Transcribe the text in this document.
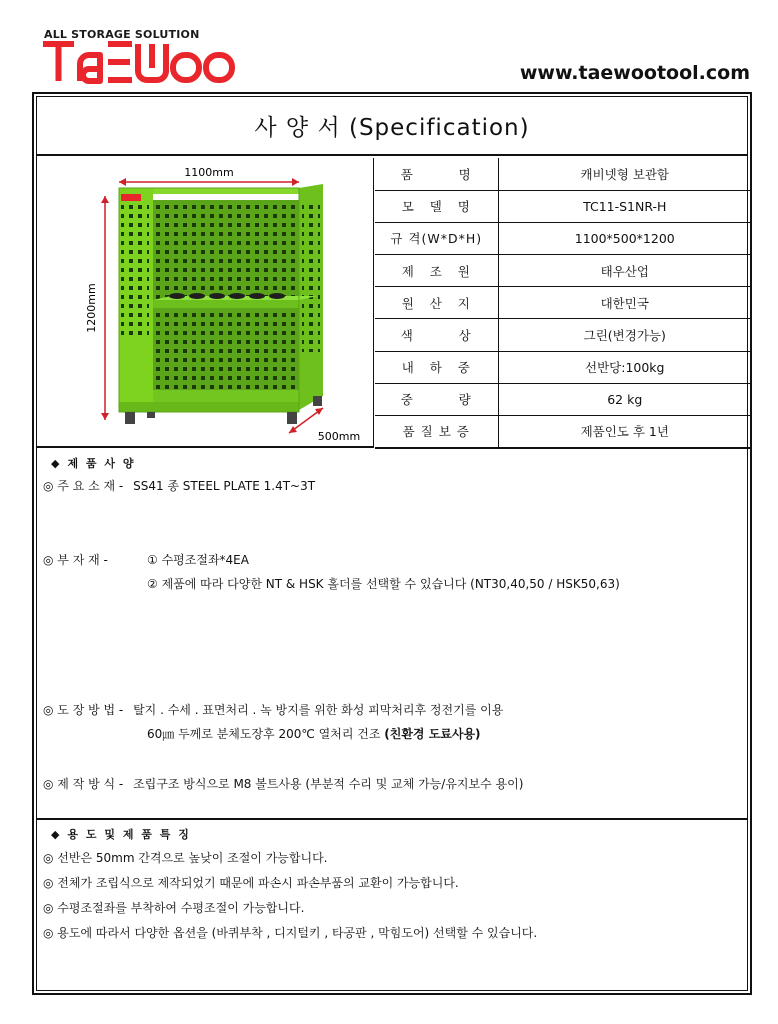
ALL STORAGE SOLUTION
www.taewootool.com
사 양 서 (Specification)
1100mm
1200mm
500mm
품         명	캐비넷형 보관함
모   델   명	TC11-S1NR-H
규 격(W*D*H)	1100*500*1200
제   조   원	태우산업
원   산   지	대한민국
색         상	그린(변경가능)
내   하   중	선반당:100kg
중         량	62 kg
품 질 보 증	제품인도 후 1년
◆ 제 품 사 양
◎ 주 요 소 재 - SS41 종 STEEL PLATE 1.4T~3T
◎ 부 자 재 -	① 수평조절좌*4EA
② 제품에 따라 다양한 NT & HSK 홀더를 선택할 수 있습니다 (NT30,40,50 / HSK50,63)
◎ 도 장 방 법 - 탈지 . 수세 . 표면처리 . 녹 방지를 위한 화성 피막처리후 정전기를 이용
60㎛ 두께로 분체도장후 200℃ 열처리 건조 (친환경 도료사용)
◎ 제 작 방 식 - 조립구조 방식으로 M8 볼트사용 (부분적 수리 및 교체 가능/유지보수 용이)
◆ 용 도 및 제 품 특 징
◎ 선반은 50mm 간격으로 높낮이 조절이 가능합니다.
◎ 전체가 조립식으로 제작되었기 때문에 파손시 파손부품의 교환이 가능합니다.
◎ 수평조절좌를 부착하여 수평조절이 가능합니다.
◎ 용도에 따라서 다양한 옵션을 (바퀴부착 , 디지털키 , 타공판 , 막힘도어) 선택할 수 있습니다.
